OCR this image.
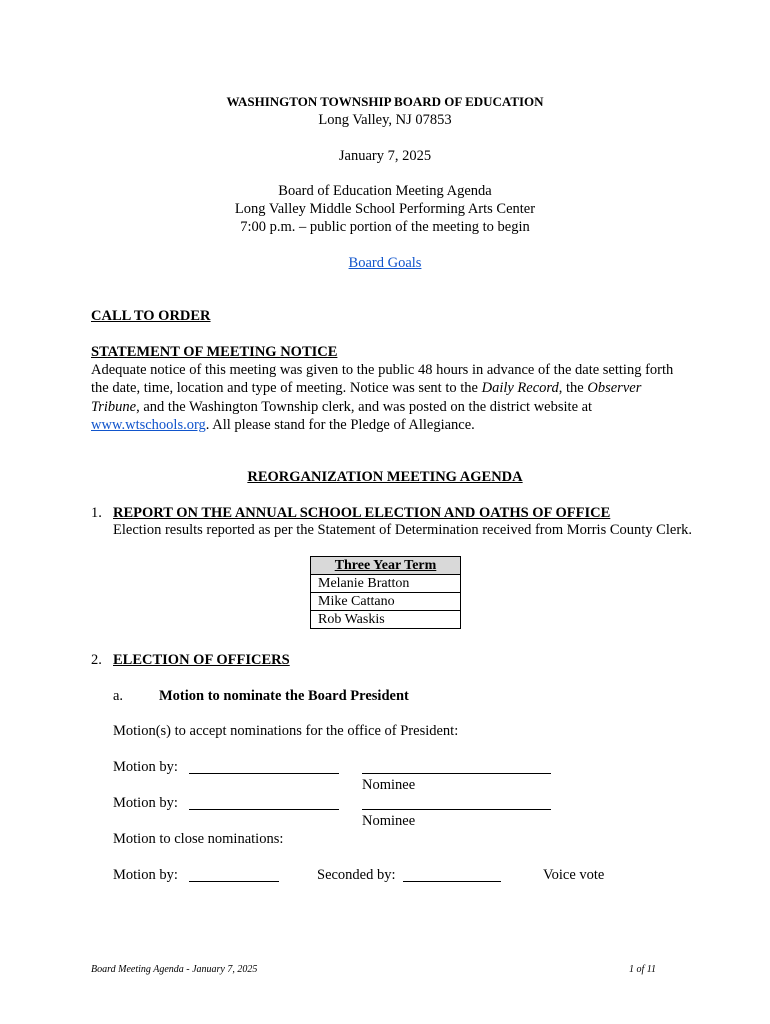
WASHINGTON TOWNSHIP BOARD OF EDUCATION
Long Valley, NJ 07853
January 7, 2025
Board of Education Meeting Agenda
Long Valley Middle School Performing Arts Center
7:00 p.m. – public portion of the meeting to begin
Board Goals
CALL TO ORDER
STATEMENT OF MEETING NOTICE
Adequate notice of this meeting was given to the public 48 hours in advance of the date setting forth the date, time, location and type of meeting. Notice was sent to the Daily Record, the Observer Tribune, and the Washington Township clerk, and was posted on the district website at www.wtschools.org. All please stand for the Pledge of Allegiance.
REORGANIZATION MEETING AGENDA
1. REPORT ON THE ANNUAL SCHOOL ELECTION AND OATHS OF OFFICE
Election results reported as per the Statement of Determination received from Morris County Clerk.
Three Year Term
Melanie Bratton
Mike Cattano
Rob Waskis
2. ELECTION OF OFFICERS
a. Motion to nominate the Board President
Motion(s) to accept nominations for the office of President:
Motion by:
Nominee
Motion by:
Nominee
Motion to close nominations:
Motion by:	Seconded by:	Voice vote
Board Meeting Agenda - January 7, 2025	1 of 11
